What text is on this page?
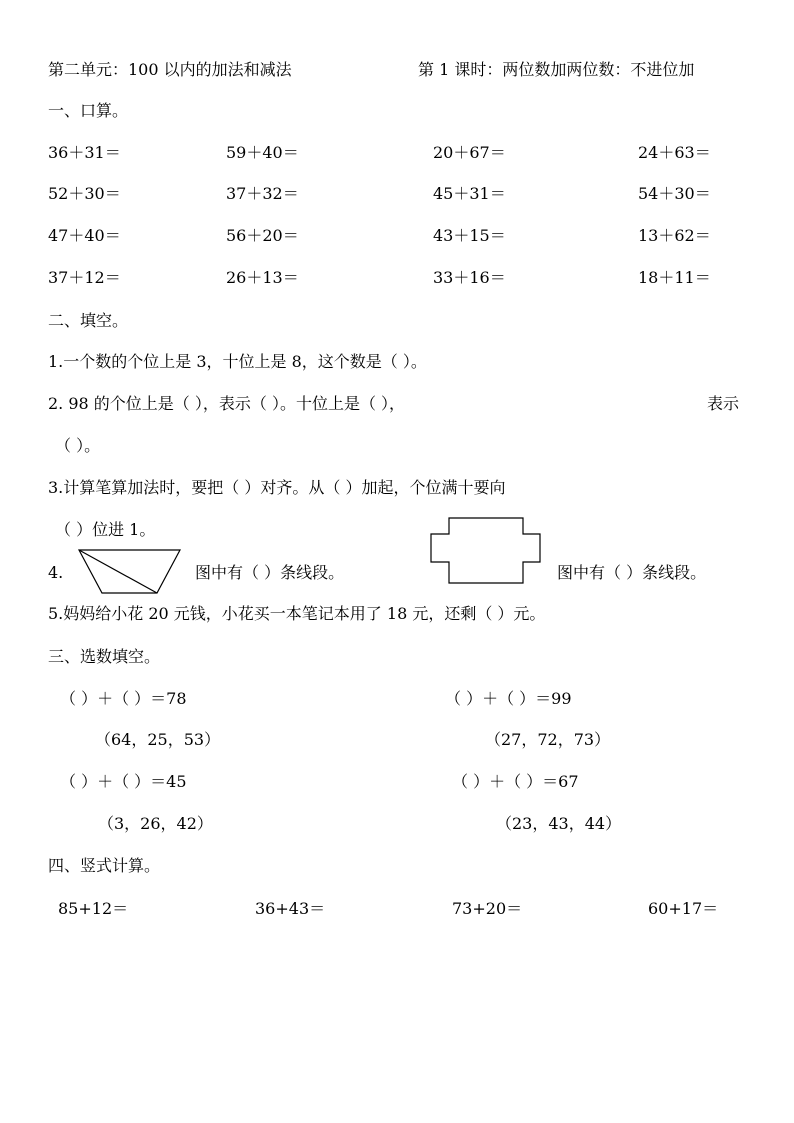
第二单元：100 以内的加法和减法	第 1 课时：两位数加两位数：不进位加
一、口算。
36＋31＝	59＋40＝	20＋67＝	24＋63＝
52＋30＝	37＋32＝	45＋31＝	54＋30＝
47＋40＝	56＋20＝	43＋15＝	13＋62＝
37＋12＝	26＋13＝	33＋16＝	18＋11＝
二、填空。
1.一个数的个位上是 3，十位上是 8，这个数是（ ）。
2. 98 的个位上是（ ），表示（ ）。十位上是（ ），	表示
（ ）。
3.计算笔算加法时，要把（ ）对齐。从（ ）加起，个位满十要向
（ ）位进 1。
4.	图中有（ ）条线段。	图中有（ ）条线段。
5.妈妈给小花 20 元钱，小花买一本笔记本用了 18 元，还剩（ ）元。
三、选数填空。
（ ）＋（ ）＝78
（64，25，53）
（ ）＋（ ）＝99
（27，72，73）
（ ）＋（ ）＝45
（3，26，42）
（ ）＋（ ）＝67
（23，43，44）
四、竖式计算。
85+12＝	36+43＝	73+20＝	60+17＝
